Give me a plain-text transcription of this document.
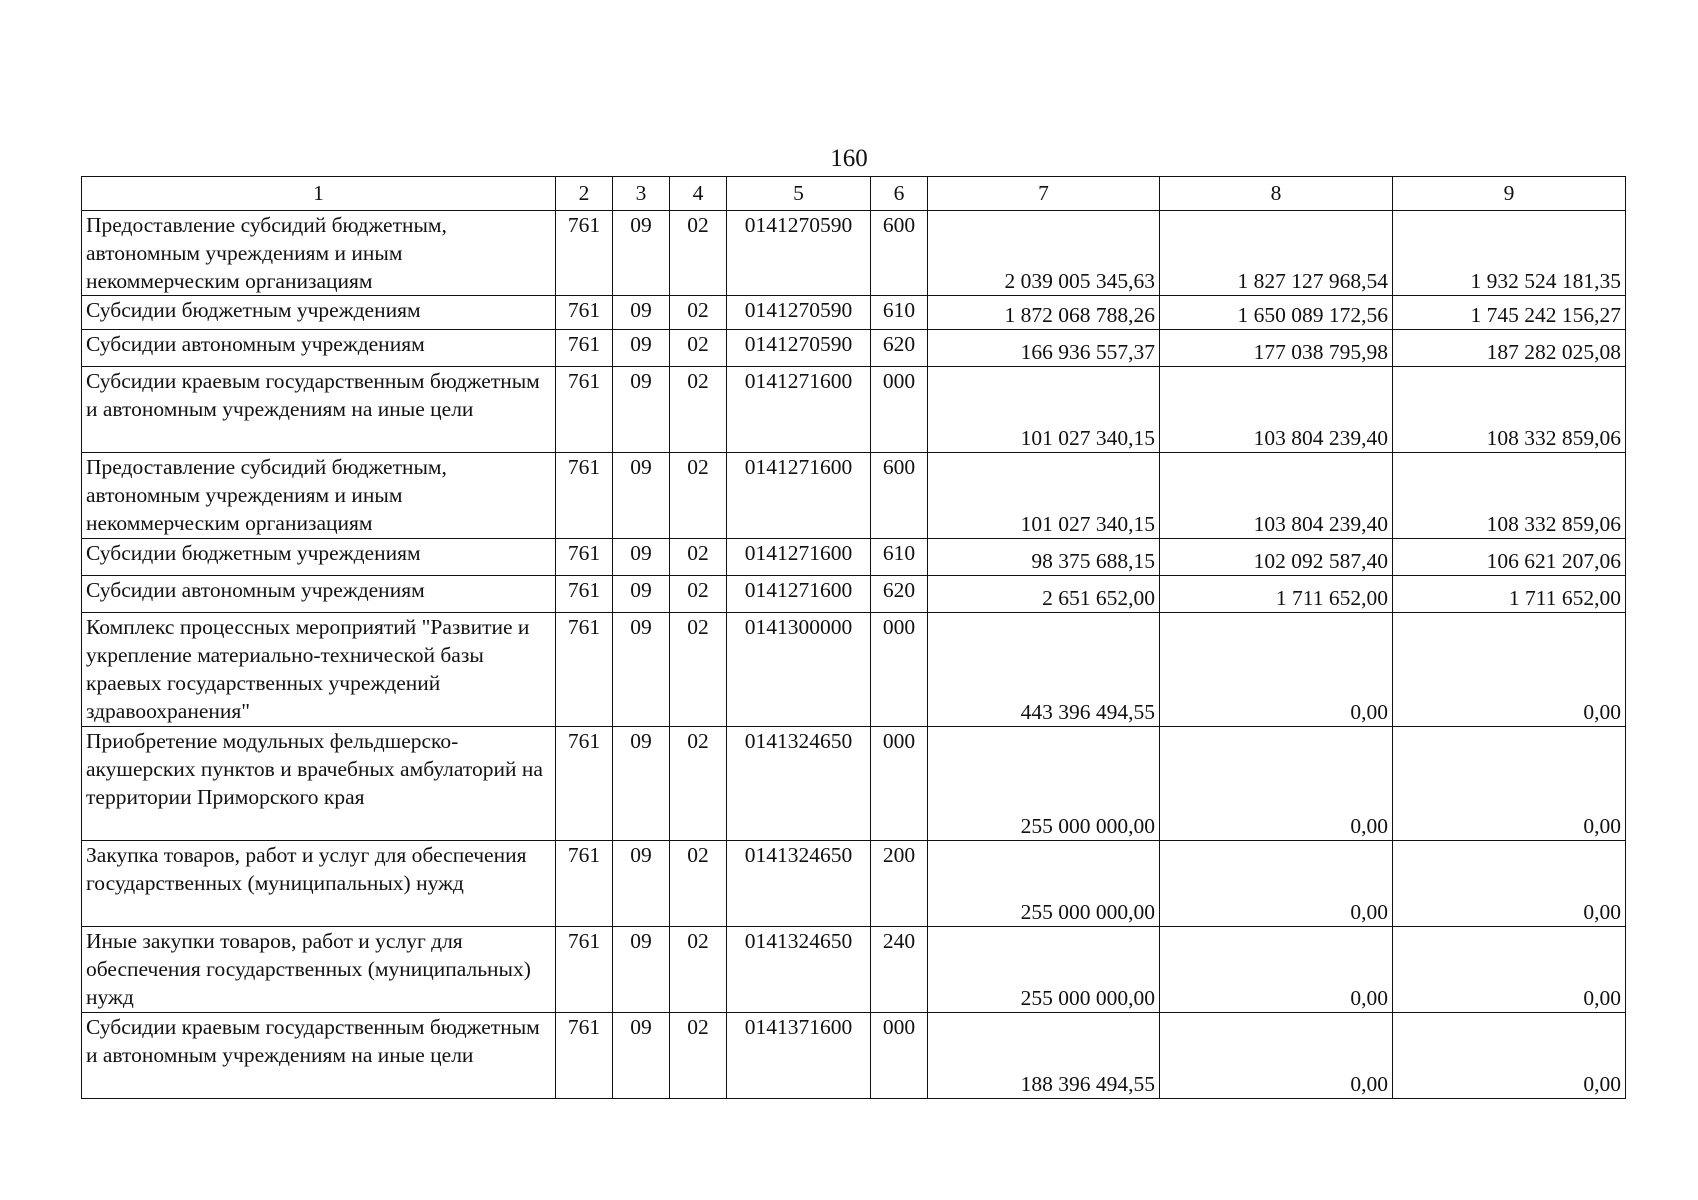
160
1	2	3	4	5	6	7	8	9
Предоставление субсидий бюджетным, автономным учреждениям и иным некоммерческим организациям	761	09	02	0141270590	600	2 039 005 345,63	1 827 127 968,54	1 932 524 181,35
Субсидии бюджетным учреждениям	761	09	02	0141270590	610	1 872 068 788,26	1 650 089 172,56	1 745 242 156,27
Субсидии автономным учреждениям	761	09	02	0141270590	620	166 936 557,37	177 038 795,98	187 282 025,08
Субсидии краевым государственным бюджетным и автономным учреждениям на иные цели	761	09	02	0141271600	000	101 027 340,15	103 804 239,40	108 332 859,06
Предоставление субсидий бюджетным, автономным учреждениям и иным некоммерческим организациям	761	09	02	0141271600	600	101 027 340,15	103 804 239,40	108 332 859,06
Субсидии бюджетным учреждениям	761	09	02	0141271600	610	98 375 688,15	102 092 587,40	106 621 207,06
Субсидии автономным учреждениям	761	09	02	0141271600	620	2 651 652,00	1 711 652,00	1 711 652,00
Комплекс процессных мероприятий "Развитие и укрепление материально-технической базы краевых государственных учреждений здравоохранения"	761	09	02	0141300000	000	443 396 494,55	0,00	0,00
Приобретение модульных фельдшерско-акушерских пунктов и врачебных амбулаторий на территории Приморского края	761	09	02	0141324650	000	255 000 000,00	0,00	0,00
Закупка товаров, работ и услуг для обеспечения государственных (муниципальных) нужд	761	09	02	0141324650	200	255 000 000,00	0,00	0,00
Иные закупки товаров, работ и услуг для обеспечения государственных (муниципальных) нужд	761	09	02	0141324650	240	255 000 000,00	0,00	0,00
Субсидии краевым государственным бюджетным и автономным учреждениям на иные цели	761	09	02	0141371600	000	188 396 494,55	0,00	0,00
